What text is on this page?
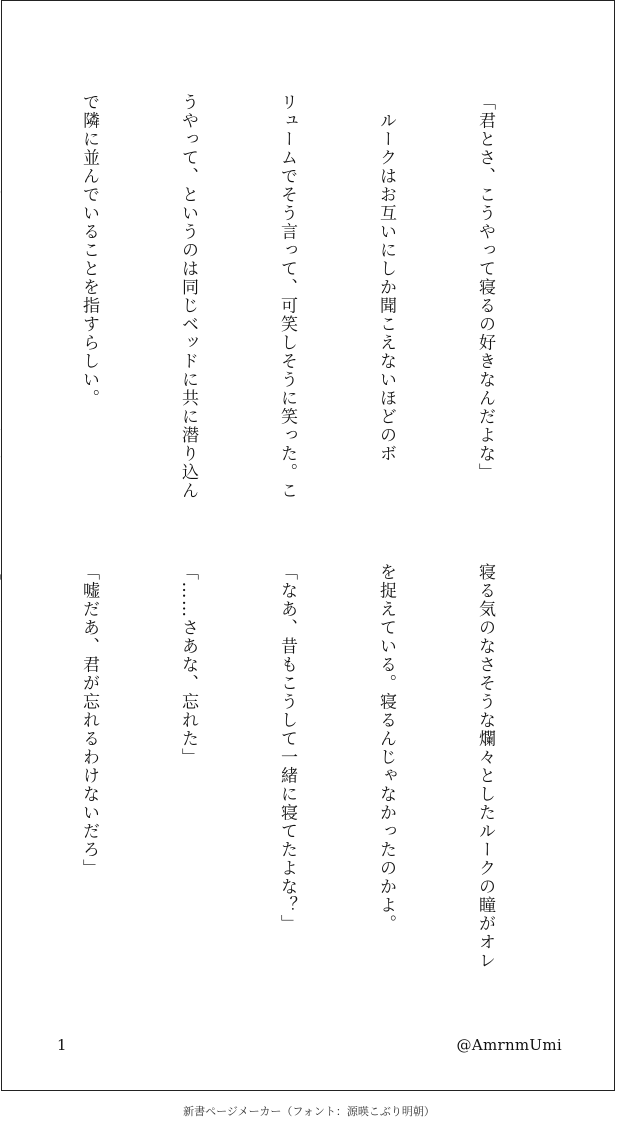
「君とさ、こうやって寝るの好きなんだよな」

　ルークはお互いにしか聞こえないほどのボ

リュームでそう言って、可笑しそうに笑った。こ

うやって、というのは同じベッドに共に潜り込ん

で隣に並んでいることを指すらしい。

寝る気のなさそうな爛々としたルークの瞳がオレ

を捉えている。寝るんじゃなかったのかよ。

「なあ、昔もこうして一緒に寝てたよな？」

「……さあな、忘れた」

「嘘だあ、君が忘れるわけないだろ」

1	@AmrnmUmi
新書ページメーカー（フォント：源暎こぶり明朝）
